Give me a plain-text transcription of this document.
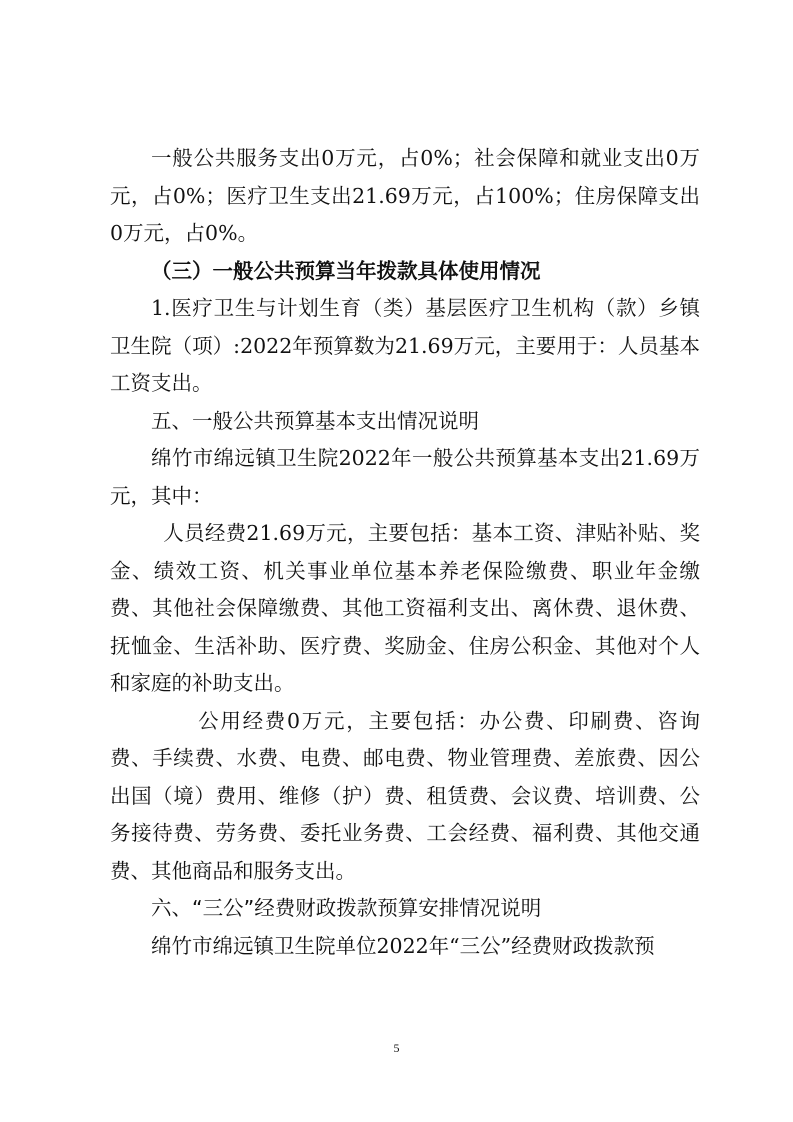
一般公共服务支出0万元，占0%；社会保障和就业支出0万元，占0%；医疗卫生支出21.69万元，占100%；住房保障支出0万元，占0%。

（三）一般公共预算当年拨款具体使用情况

1.医疗卫生与计划生育（类）基层医疗卫生机构（款）乡镇卫生院（项）:2022年预算数为21.69万元，主要用于：人员基本工资支出。

五、一般公共预算基本支出情况说明

绵竹市绵远镇卫生院2022年一般公共预算基本支出21.69万元，其中：

人员经费21.69万元，主要包括：基本工资、津贴补贴、奖金、绩效工资、机关事业单位基本养老保险缴费、职业年金缴费、其他社会保障缴费、其他工资福利支出、离休费、退休费、抚恤金、生活补助、医疗费、奖励金、住房公积金、其他对个人和家庭的补助支出。

公用经费0万元，主要包括：办公费、印刷费、咨询费、手续费、水费、电费、邮电费、物业管理费、差旅费、因公出国（境）费用、维修（护）费、租赁费、会议费、培训费、公务接待费、劳务费、委托业务费、工会经费、福利费、其他交通费、其他商品和服务支出。

六、“三公”经费财政拨款预算安排情况说明

绵竹市绵远镇卫生院单位2022年“三公”经费财政拨款预

5
